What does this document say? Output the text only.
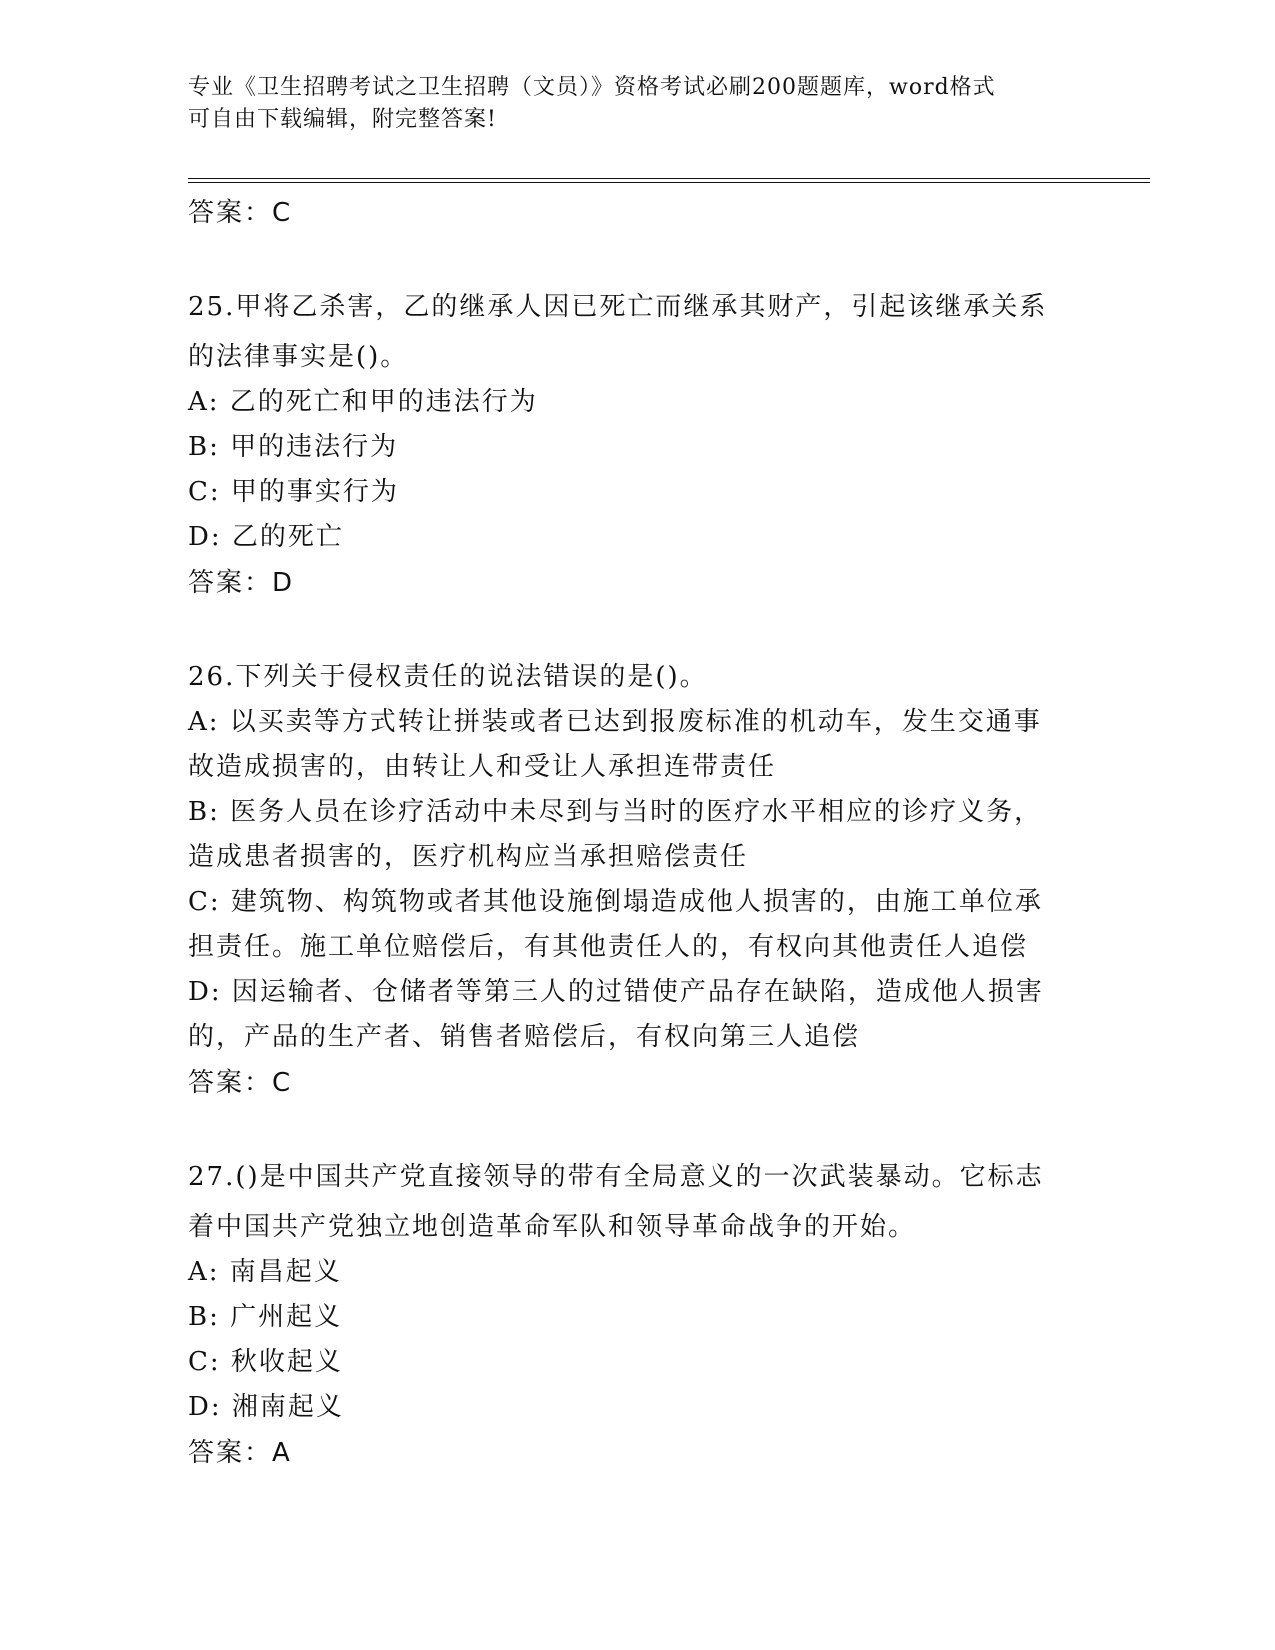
专业《卫生招聘考试之卫生招聘（文员）》资格考试必刷200题题库，word格式
可自由下载编辑，附完整答案!
答案：C
25.甲将乙杀害，乙的继承人因已死亡而继承其财产，引起该继承关系
的法律事实是()。
A: 乙的死亡和甲的违法行为
B: 甲的违法行为
C: 甲的事实行为
D: 乙的死亡
答案：D
26.下列关于侵权责任的说法错误的是()。
A: 以买卖等方式转让拼装或者已达到报废标准的机动车，发生交通事
故造成损害的，由转让人和受让人承担连带责任
B: 医务人员在诊疗活动中未尽到与当时的医疗水平相应的诊疗义务，
造成患者损害的，医疗机构应当承担赔偿责任
C: 建筑物、构筑物或者其他设施倒塌造成他人损害的，由施工单位承
担责任。施工单位赔偿后，有其他责任人的，有权向其他责任人追偿
D: 因运输者、仓储者等第三人的过错使产品存在缺陷，造成他人损害
的，产品的生产者、销售者赔偿后，有权向第三人追偿
答案：C
27.()是中国共产党直接领导的带有全局意义的一次武装暴动。它标志
着中国共产党独立地创造革命军队和领导革命战争的开始。
A: 南昌起义
B: 广州起义
C: 秋收起义
D: 湘南起义
答案：A
